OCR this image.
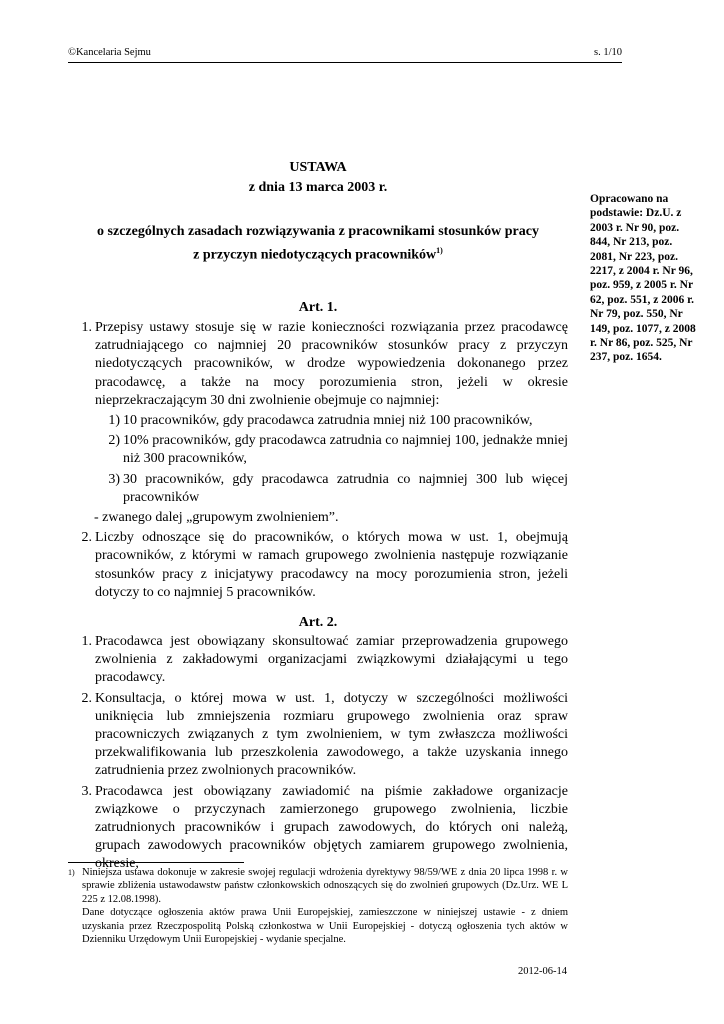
©Kancelaria Sejmu	s. 1/10
USTAWA
z dnia 13 marca 2003 r.
o szczególnych zasadach rozwiązywania z pracownikami stosunków pracy
z przyczyn niedotyczących pracowników$^{1)}$
Opracowano na podstawie: Dz.U. z 2003 r. Nr 90, poz. 844, Nr 213, poz. 2081, Nr 223, poz. 2217, z 2004 r. Nr 96, poz. 959, z 2005 r. Nr 62, poz. 551, z 2006 r. Nr 79, poz. 550, Nr 149, poz. 1077, z 2008 r. Nr 86, poz. 525, Nr 237, poz. 1654.
Art. 1.
1. Przepisy ustawy stosuje się w razie konieczności rozwiązania przez pracodawcę zatrudniającego co najmniej 20 pracowników stosunków pracy z przyczyn niedotyczących pracowników, w drodze wypowiedzenia dokonanego przez pracodawcę, a także na mocy porozumienia stron, jeżeli w okresie nieprzekraczającym 30 dni zwolnienie obejmuje co najmniej:
1) 10 pracowników, gdy pracodawca zatrudnia mniej niż 100 pracowników,
2) 10% pracowników, gdy pracodawca zatrudnia co najmniej 100, jednakże mniej niż 300 pracowników,
3) 30 pracowników, gdy pracodawca zatrudnia co najmniej 300 lub więcej pracowników
- zwanego dalej „grupowym zwolnieniem”.
2. Liczby odnoszące się do pracowników, o których mowa w ust. 1, obejmują pracowników, z którymi w ramach grupowego zwolnienia następuje rozwiązanie stosunków pracy z inicjatywy pracodawcy na mocy porozumienia stron, jeżeli dotyczy to co najmniej 5 pracowników.
Art. 2.
1. Pracodawca jest obowiązany skonsultować zamiar przeprowadzenia grupowego zwolnienia z zakładowymi organizacjami związkowymi działającymi u tego pracodawcy.
2. Konsultacja, o której mowa w ust. 1, dotyczy w szczególności możliwości uniknięcia lub zmniejszenia rozmiaru grupowego zwolnienia oraz spraw pracowniczych związanych z tym zwolnieniem, w tym zwłaszcza możliwości przekwalifikowania lub przeszkolenia zawodowego, a także uzyskania innego zatrudnienia przez zwolnionych pracowników.
3. Pracodawca jest obowiązany zawiadomić na piśmie zakładowe organizacje związkowe o przyczynach zamierzonego grupowego zwolnienia, liczbie zatrudnionych pracowników i grupach zawodowych, do których oni należą, grupach zawodowych pracowników objętych zamiarem grupowego zwolnienia, okresie,
1) Niniejsza ustawa dokonuje w zakresie swojej regulacji wdrożenia dyrektywy 98/59/WE z dnia 20 lipca 1998 r. w sprawie zbliżenia ustawodawstw państw członkowskich odnoszących się do zwolnień grupowych (Dz.Urz. WE L 225 z 12.08.1998).
Dane dotyczące ogłoszenia aktów prawa Unii Europejskiej, zamieszczone w niniejszej ustawie - z dniem uzyskania przez Rzeczpospolitą Polską członkostwa w Unii Europejskiej - dotyczą ogłoszenia tych aktów w Dzienniku Urzędowym Unii Europejskiej - wydanie specjalne.
2012-06-14
